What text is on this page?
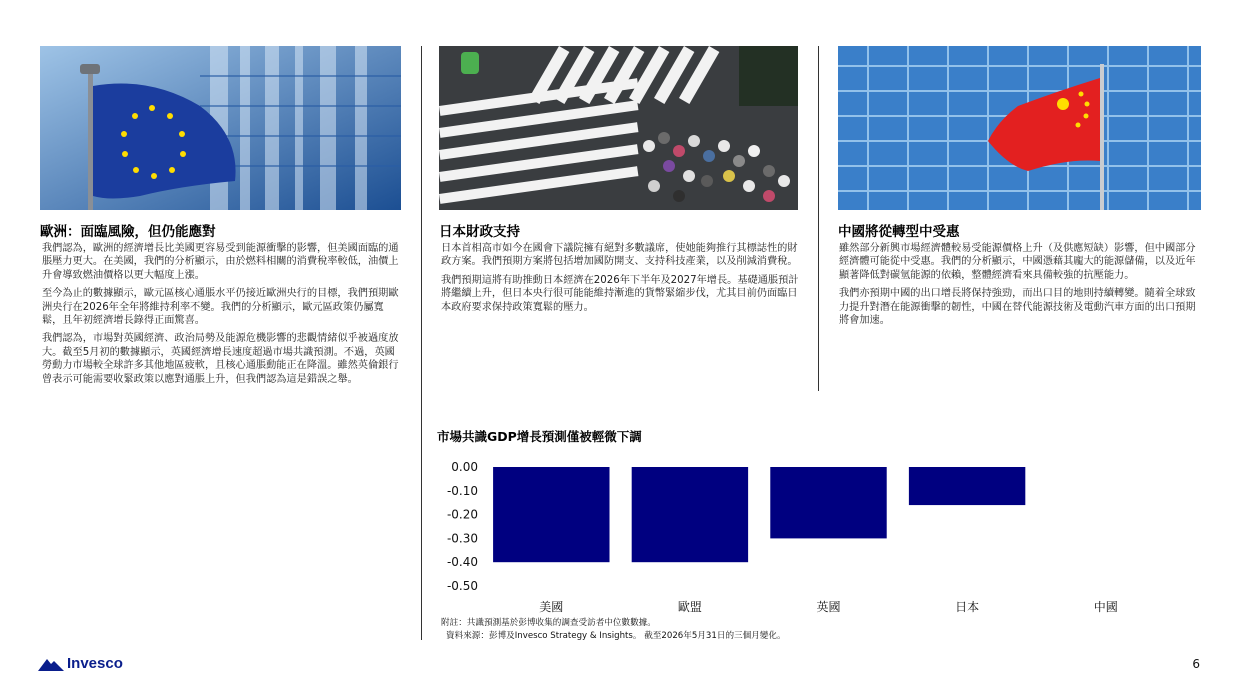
歐洲：面臨風險，但仍能應對

我們認為，歐洲的經濟增長比美國更容易受到能源衝擊的影響，但美國面臨的通脹壓力更大。在美國，我們的分析顯示，由於燃料相關的消費稅率較低，油價上升會導致燃油價格以更大幅度上漲。

至今為止的數據顯示，歐元區核心通脹水平仍接近歐洲央行的目標，我們預期歐洲央行在2026年全年將維持利率不變。我們的分析顯示，歐元區政策仍屬寬鬆，且年初經濟增長錄得正面驚喜。

我們認為，市場對英國經濟、政治局勢及能源危機影響的悲觀情緒似乎被過度放大。截至5月初的數據顯示，英國經濟增長速度超過市場共識預測。不過，英國勞動力市場較全球許多其他地區疲軟，且核心通脹動能正在降溫。雖然英倫銀行曾表示可能需要收緊政策以應對通脹上升，但我們認為這是錯誤之舉。

日本財政支持

日本首相高市如今在國會下議院擁有絕對多數議席，使她能夠推行其標誌性的財政方案。我們預期方案將包括增加國防開支、支持科技產業，以及削減消費稅。

我們預期這將有助推動日本經濟在2026年下半年及2027年增長。基礎通脹預計將繼續上升，但日本央行很可能能維持漸進的貨幣緊縮步伐，尤其目前仍面臨日本政府要求保持政策寬鬆的壓力。

中國將從轉型中受惠

雖然部分新興市場經濟體較易受能源價格上升（及供應短缺）影響，但中國部分經濟體可能從中受惠。我們的分析顯示，中國憑藉其龐大的能源儲備，以及近年顯著降低對碳氫能源的依賴，整體經濟看來具備較強的抗壓能力。

我們亦預期中國的出口增長將保持強勁，而出口目的地則持續轉變。隨着全球致力提升對潛在能源衝擊的韌性，中國在替代能源技術及電動汽車方面的出口預期將會加速。

市場共識GDP增長預測僅被輕微下調
0.00
-0.10
-0.20
-0.30
-0.40
-0.50
美國	歐盟	英國	日本	中國
附註：共識預測基於彭博收集的調查受訪者中位數數據。
資料來源：彭博及Invesco Strategy & Insights。 截至2026年5月31日的三個月變化。
Invesco	6
